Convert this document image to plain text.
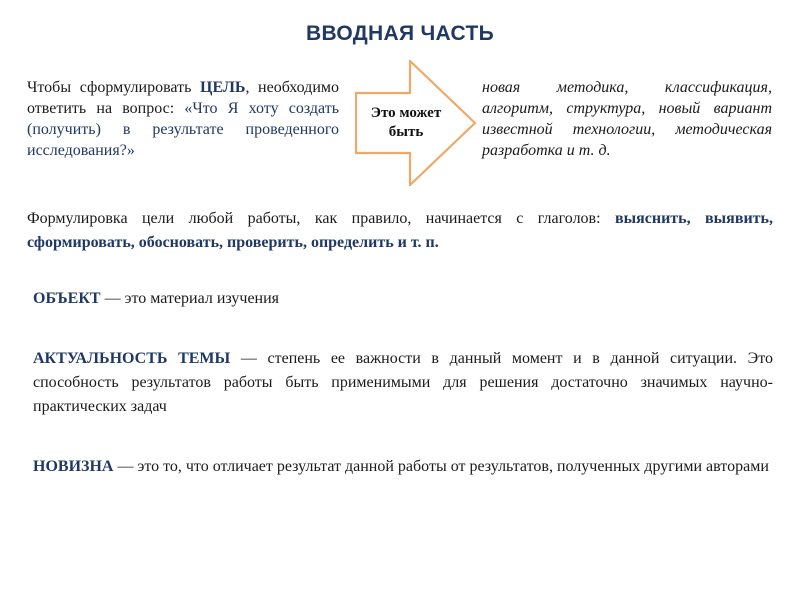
ВВОДНАЯ ЧАСТЬ
Чтобы сформулировать ЦЕЛЬ, необходимо ответить на вопрос: «Что Я хоту создать (получить) в результате проведенного исследования?»
Это может
быть
новая методика, классификация, алгоритм, структура, новый вариант известной технологии, методическая разработка и т. д.
Формулировка цели любой работы, как правило, начинается с глаголов: выяснить, выявить, сформировать, обосновать, проверить, определить и т. п.
ОБЪЕКТ — это материал изучения
АКТУАЛЬНОСТЬ ТЕМЫ — степень ее важности в данный момент и в данной ситуации. Это способность результатов работы быть применимыми для решения достаточно значимых научно-практических задач
НОВИЗНА — это то, что отличает результат данной работы от результатов, полученных другими авторами
